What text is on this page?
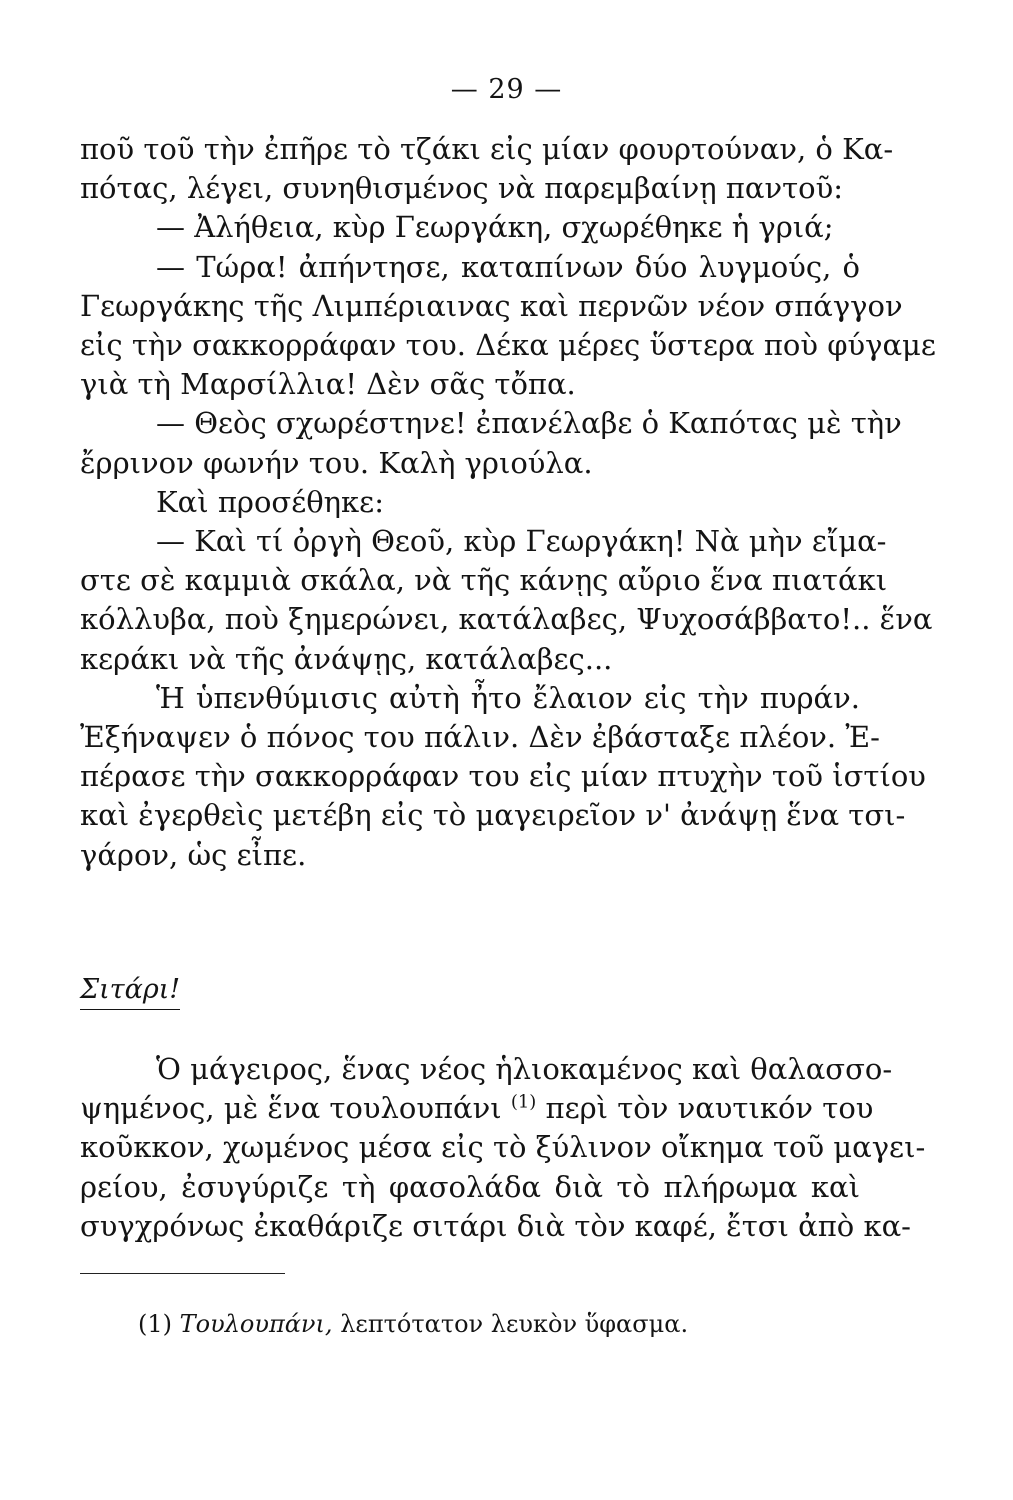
— 29 —
ποῦ τοῦ τὴν ἐπῆρε τὸ τζάκι εἰς μίαν φουρτούναν, ὁ Κα-
πότας, λέγει, συνηθισμένος νὰ παρεμβαίνῃ παντοῦ:
— Ἀλήθεια, κὺρ Γεωργάκη, σχωρέθηκε ἡ γριά;
— Τώρα! ἀπήντησε, καταπίνων δύο λυγμούς, ὁ
Γεωργάκης τῆς Λιμπέριαινας καὶ περνῶν νέον σπάγγον
εἰς τὴν σακκορράφαν του. Δέκα μέρες ὕστερα ποὺ φύγαμε
γιὰ τὴ Μαρσίλλια! Δὲν σᾶς τὄπα.
— Θεὸς σχωρέστηνε! ἐπανέλαβε ὁ Καπότας μὲ τὴν
ἔρρινον φωνήν του. Καλὴ γριούλα.
Καὶ προσέθηκε:
— Καὶ τί ὀργὴ Θεοῦ, κὺρ Γεωργάκη! Νὰ μὴν εἴμα-
στε σὲ καμμιὰ σκάλα, νὰ τῆς κάνῃς αὔριο ἕνα πιατάκι
κόλλυβα, ποὺ ξημερώνει, κατάλαβες, Ψυχοσάββατο!.. ἕνα
κεράκι νὰ τῆς ἀνάψῃς, κατάλαβες...
Ἡ ὑπενθύμισις αὐτὴ ἦτο ἔλαιον εἰς τὴν πυράν.
Ἐξήναψεν ὁ πόνος του πάλιν. Δὲν ἐβάσταξε πλέον. Ἐ-
πέρασε τὴν σακκορράφαν του εἰς μίαν πτυχὴν τοῦ ἱστίου
καὶ ἐγερθεὶς μετέβη εἰς τὸ μαγειρεῖον ν' ἀνάψῃ ἕνα τσι-
γάρον, ὡς εἶπε.
Σιτάρι!
Ὁ μάγειρος, ἕνας νέος ἡλιοκαμένος καὶ θαλασσο-
ψημένος, μὲ ἕνα τουλουπάνι $^{(1)}$ περὶ τὸν ναυτικόν του
κοῦκκον, χωμένος μέσα εἰς τὸ ξύλινον οἴκημα τοῦ μαγει-
ρείου, ἐσυγύριζε τὴ φασολάδα διὰ τὸ πλήρωμα καὶ
συγχρόνως ἐκαθάριζε σιτάρι διὰ τὸν καφέ, ἔτσι ἀπὸ κα-
(1) Τουλουπάνι, λεπτότατον λευκὸν ὕφασμα.
